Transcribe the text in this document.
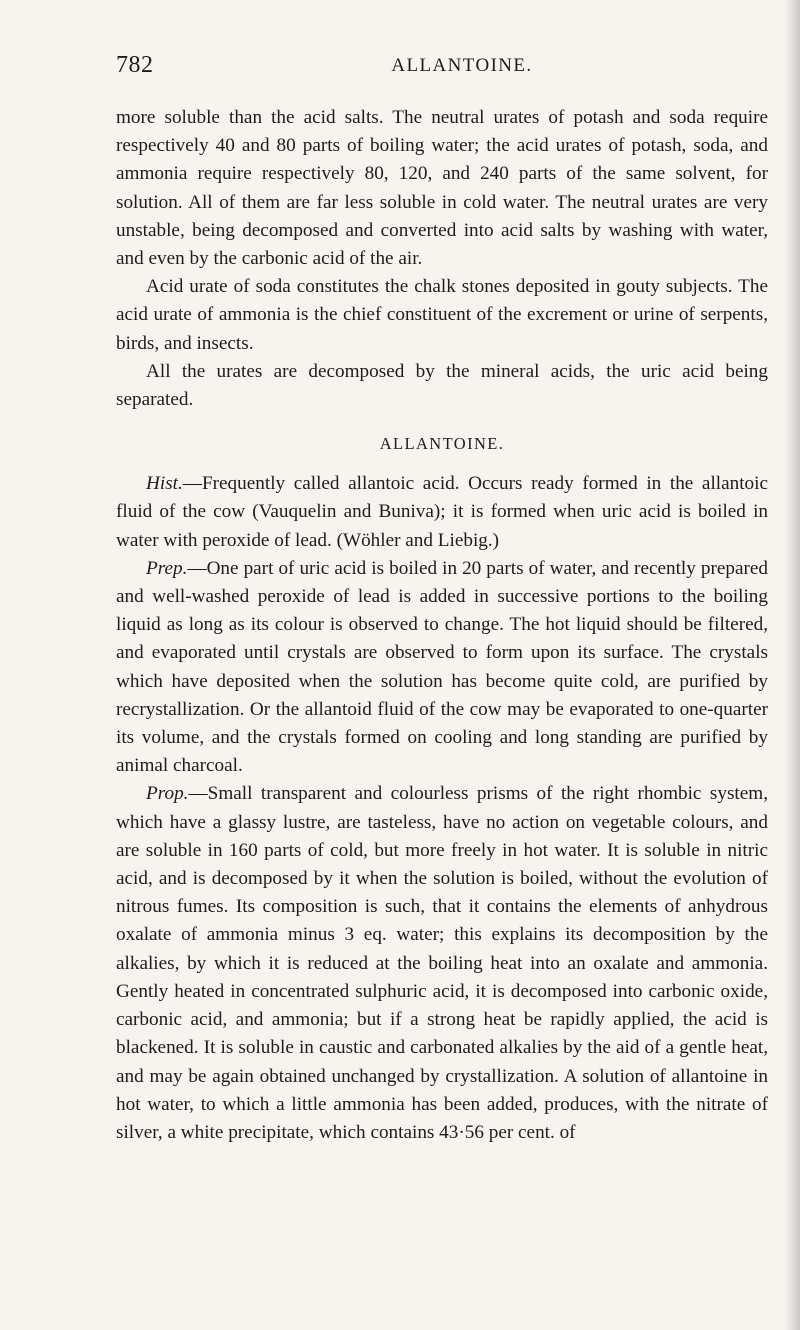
782	ALLANTOINE.

more soluble than the acid salts. The neutral urates of potash and soda require respectively 40 and 80 parts of boiling water; the acid urates of potash, soda, and ammonia require respectively 80, 120, and 240 parts of the same solvent, for solution. All of them are far less soluble in cold water. The neutral urates are very unstable, being decomposed and converted into acid salts by washing with water, and even by the carbonic acid of the air.

Acid urate of soda constitutes the chalk stones deposited in gouty subjects. The acid urate of ammonia is the chief constituent of the excrement or urine of serpents, birds, and insects.

All the urates are decomposed by the mineral acids, the uric acid being separated.

ALLANTOINE.

Hist.—Frequently called allantoic acid. Occurs ready formed in the allantoic fluid of the cow (Vauquelin and Buniva); it is formed when uric acid is boiled in water with peroxide of lead. (Wöhler and Liebig.)

Prep.—One part of uric acid is boiled in 20 parts of water, and recently prepared and well-washed peroxide of lead is added in successive portions to the boiling liquid as long as its colour is observed to change. The hot liquid should be filtered, and evaporated until crystals are observed to form upon its surface. The crystals which have deposited when the solution has become quite cold, are purified by recrystallization. Or the allantoid fluid of the cow may be evaporated to one-quarter its volume, and the crystals formed on cooling and long standing are purified by animal charcoal.

Prop.—Small transparent and colourless prisms of the right rhombic system, which have a glassy lustre, are tasteless, have no action on vegetable colours, and are soluble in 160 parts of cold, but more freely in hot water. It is soluble in nitric acid, and is decomposed by it when the solution is boiled, without the evolution of nitrous fumes. Its composition is such, that it contains the elements of anhydrous oxalate of ammonia minus 3 eq. water; this explains its decomposition by the alkalies, by which it is reduced at the boiling heat into an oxalate and ammonia. Gently heated in concentrated sulphuric acid, it is decomposed into carbonic oxide, carbonic acid, and ammonia; but if a strong heat be rapidly applied, the acid is blackened. It is soluble in caustic and carbonated alkalies by the aid of a gentle heat, and may be again obtained unchanged by crystallization. A solution of allantoine in hot water, to which a little ammonia has been added, produces, with the nitrate of silver, a white precipitate, which contains 43·56 per cent. of
